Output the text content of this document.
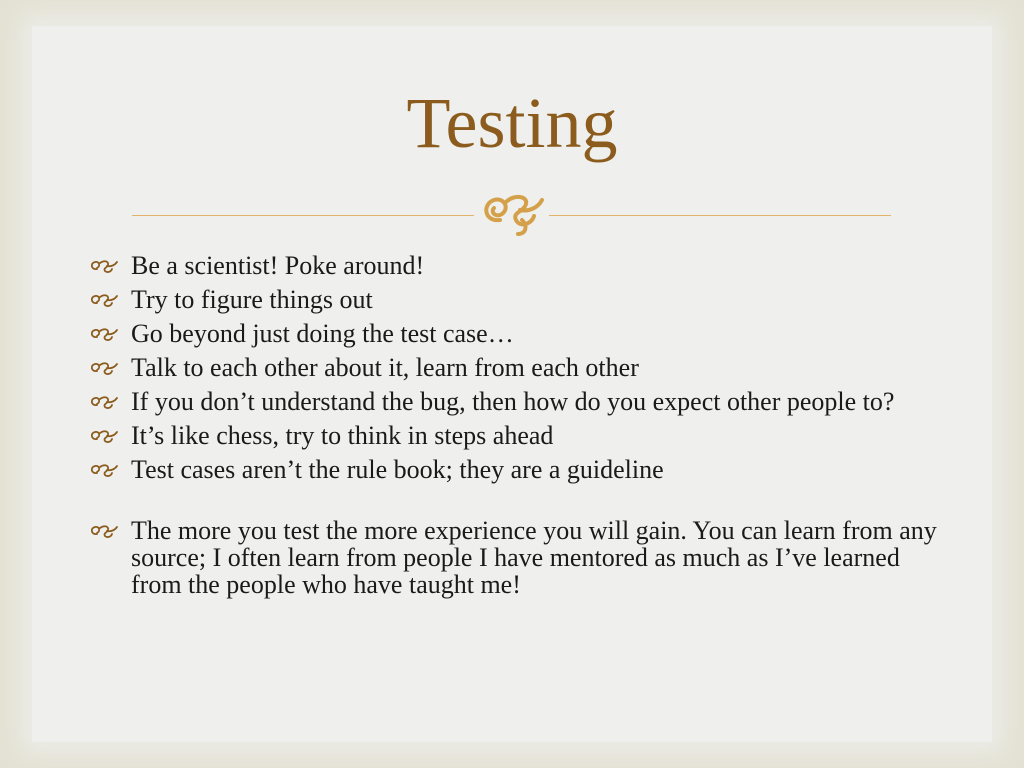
Testing
Be a scientist! Poke around!
Try to figure things out
Go beyond just doing the test case…
Talk to each other about it, learn from each other
If you don’t understand the bug, then how do you expect other people to?
It’s like chess, try to think in steps ahead
Test cases aren’t the rule book; they are a guideline
The more you test the more experience you will gain. You can learn from any source; I often learn from people I have mentored as much as I’ve learned from the people who have taught me!
